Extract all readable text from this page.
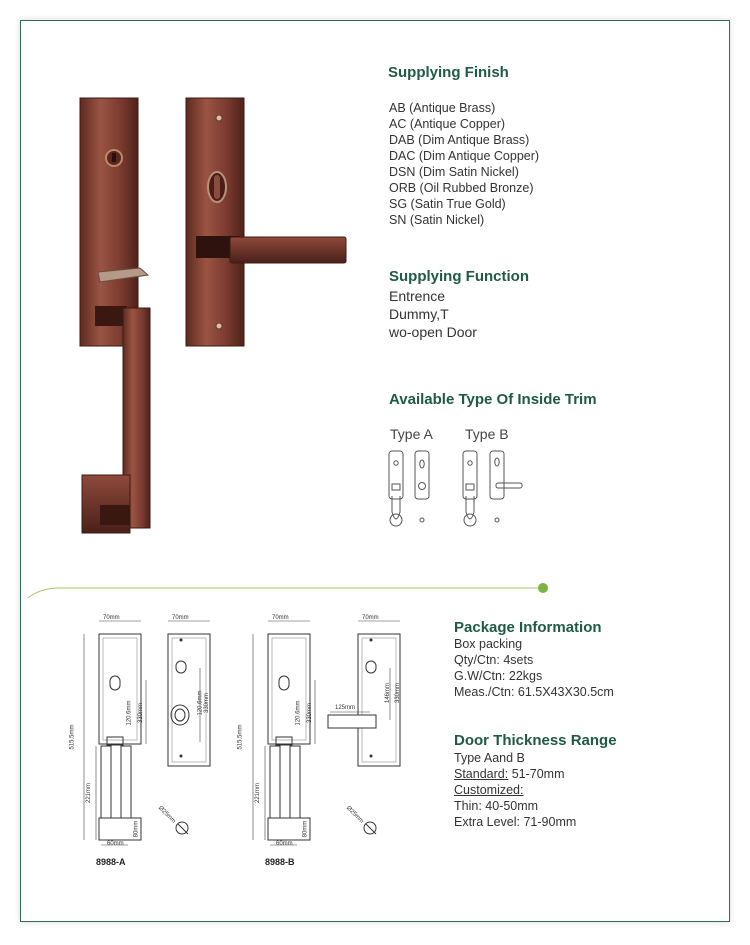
Supplying Finish
AB (Antique Brass)
AC (Antique Copper)
DAB (Dim Antique Brass)
DAC (Dim Antique Copper)
DSN (Dim Satin Nickel)
ORB (Oil Rubbed Bronze)
SG (Satin True Gold)
SN (Satin Nickel)
Supplying Function
Entrence
Dummy,T
wo-open Door
Available Type Of Inside Trim
Type A Type B
70mm	70mm	70mm	70mm
515.5mm	515.5mm
120.6mm 330mm	120.6mm 330mm
120.6mm 330mm	146mm 330mm
125mm
221mm	221mm
80mm	80mm
60mm	60mm
Ø25mm	Ø25mm
8988-A	8988-B
Package Information
Box packing
Qty/Ctn: 4sets
G.W/Ctn: 22kgs
Meas./Ctn: 61.5X43X30.5cm
Door Thickness Range
Type Aand B
Standard: 51-70mm
Customized:
Thin: 40-50mm
Extra Level: 71-90mm
